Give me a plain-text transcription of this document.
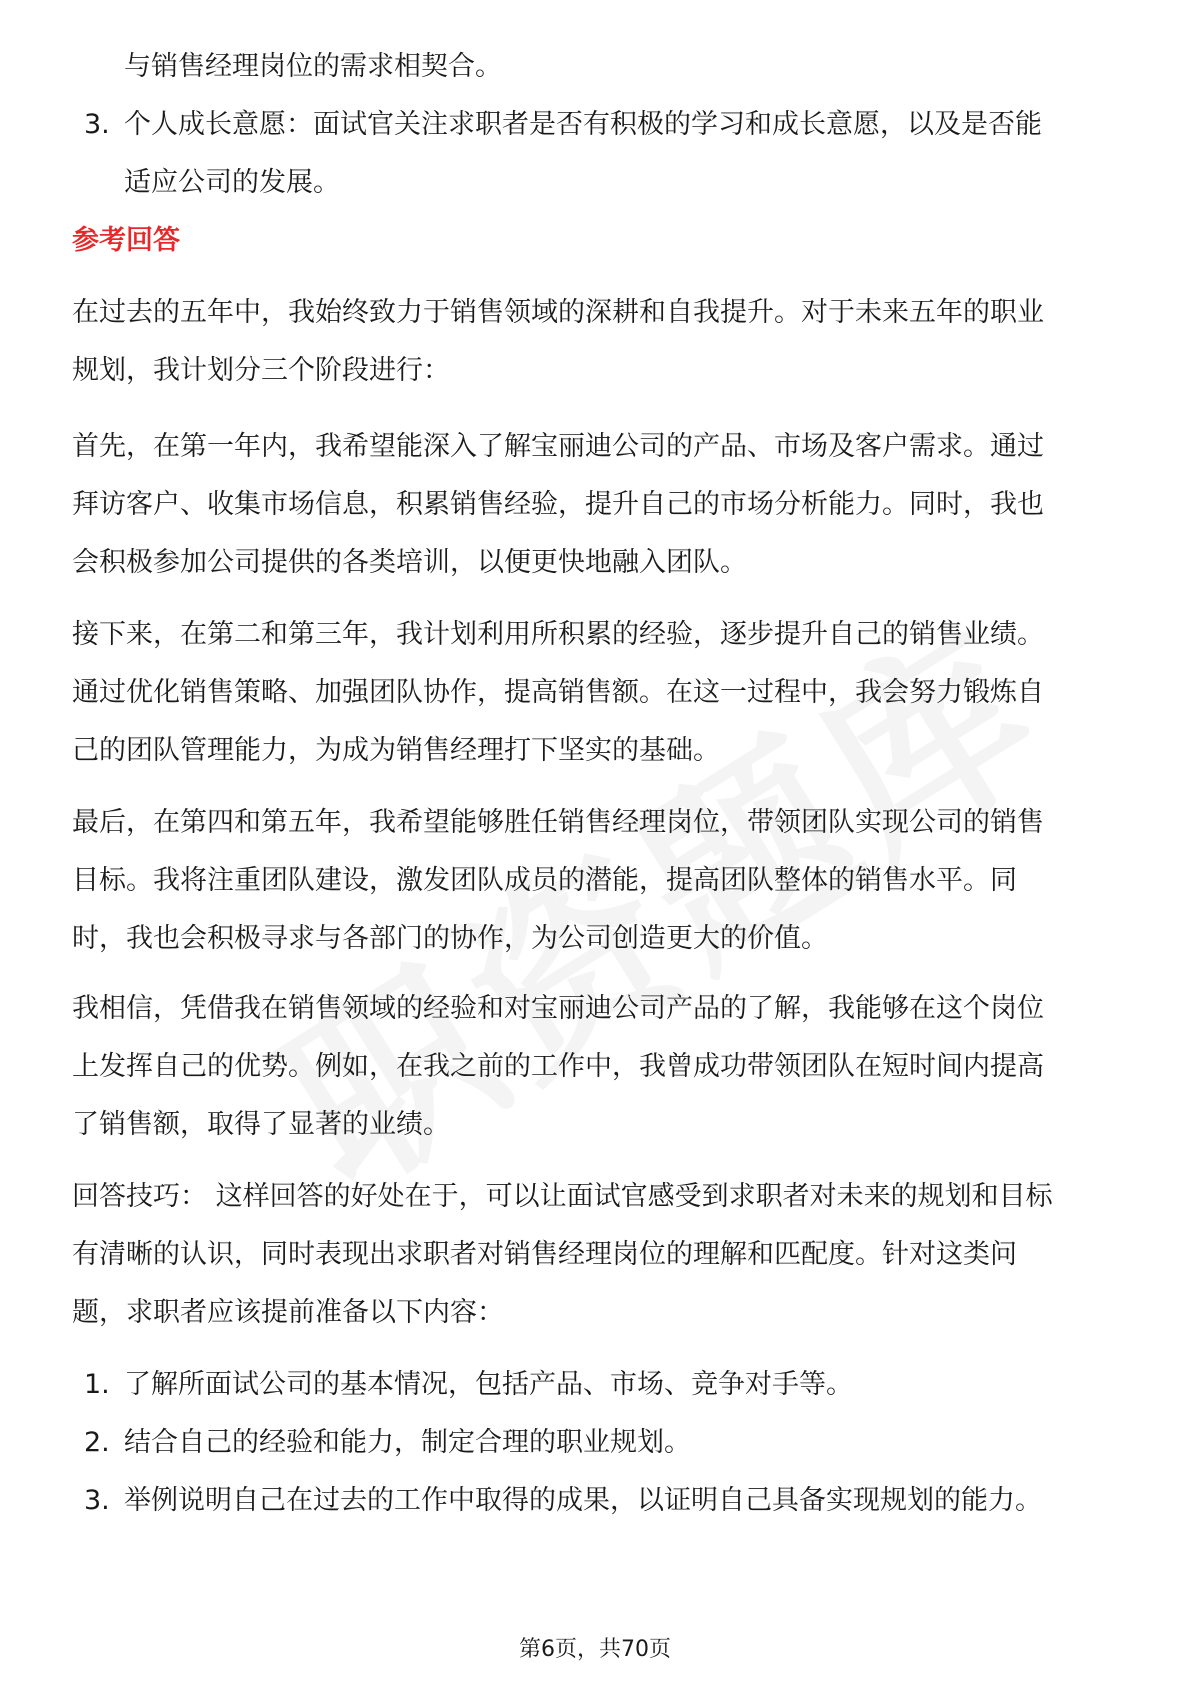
与销售经理岗位的需求相契合。

3. 个人成长意愿：面试官关注求职者是否有积极的学习和成长意愿，以及是否能

适应公司的发展。

参考回答

在过去的五年中，我始终致力于销售领域的深耕和自我提升。对于未来五年的职业

规划，我计划分三个阶段进行：

首先，在第一年内，我希望能深入了解宝丽迪公司的产品、市场及客户需求。通过

拜访客户、收集市场信息，积累销售经验，提升自己的市场分析能力。同时，我也

会积极参加公司提供的各类培训，以便更快地融入团队。

接下来，在第二和第三年，我计划利用所积累的经验，逐步提升自己的销售业绩。

通过优化销售策略、加强团队协作，提高销售额。在这一过程中，我会努力锻炼自

己的团队管理能力，为成为销售经理打下坚实的基础。

最后，在第四和第五年，我希望能够胜任销售经理岗位，带领团队实现公司的销售

目标。我将注重团队建设，激发团队成员的潜能，提高团队整体的销售水平。同

时，我也会积极寻求与各部门的协作，为公司创造更大的价值。

我相信，凭借我在销售领域的经验和对宝丽迪公司产品的了解，我能够在这个岗位

上发挥自己的优势。例如，在我之前的工作中，我曾成功带领团队在短时间内提高

了销售额，取得了显著的业绩。

回答技巧： 这样回答的好处在于，可以让面试官感受到求职者对未来的规划和目标

有清晰的认识，同时表现出求职者对销售经理岗位的理解和匹配度。针对这类问

题，求职者应该提前准备以下内容：

1. 了解所面试公司的基本情况，包括产品、市场、竞争对手等。
2. 结合自己的经验和能力，制定合理的职业规划。
3. 举例说明自己在过去的工作中取得的成果，以证明自己具备实现规划的能力。
第6页，共70页
